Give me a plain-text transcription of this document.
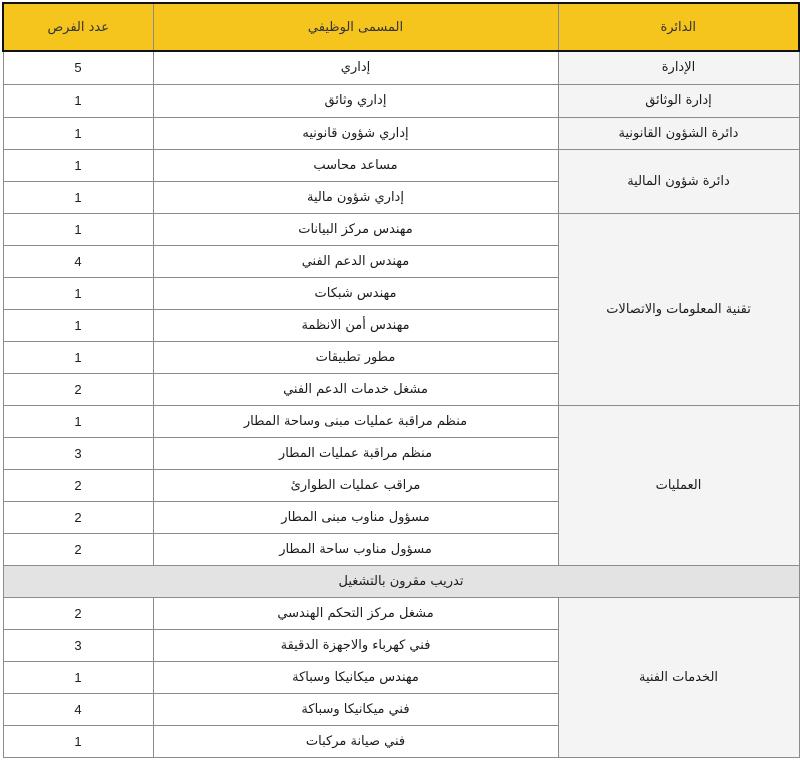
عدد الفرص	المسمى الوظيفي	الدائرة
5	إداري	الإدارة
1	إداري وثائق	إدارة الوثائق
1	إداري شؤون قانونيه	دائرة الشؤون القانونية
1	مساعد محاسب	دائرة شؤون المالية
1	إداري شؤون مالية	
1	مهندس مركز البيانات	تقنية المعلومات والاتصالات
4	مهندس الدعم الفني	
1	مهندس شبكات	
1	مهندس أمن الانظمة	
1	مطور تطبيقات	
2	مشغل خدمات الدعم الفني	
1	منظم مراقبة عمليات مبنى وساحة المطار	العمليات
3	منظم مراقبة عمليات المطار	
2	مراقب عمليات الطوارئ	
2	مسؤول مناوب مبنى المطار	
2	مسؤول مناوب ساحة المطار	
تدريب مقرون بالتشغيل		
2	مشغل مركز التحكم الهندسي	الخدمات الفنية
3	فني كهرباء والاجهزة الدقيقة	
1	مهندس ميكانيكا وسباكة	
4	فني ميكانيكا وسباكة	
1	فني صيانة مركبات	
